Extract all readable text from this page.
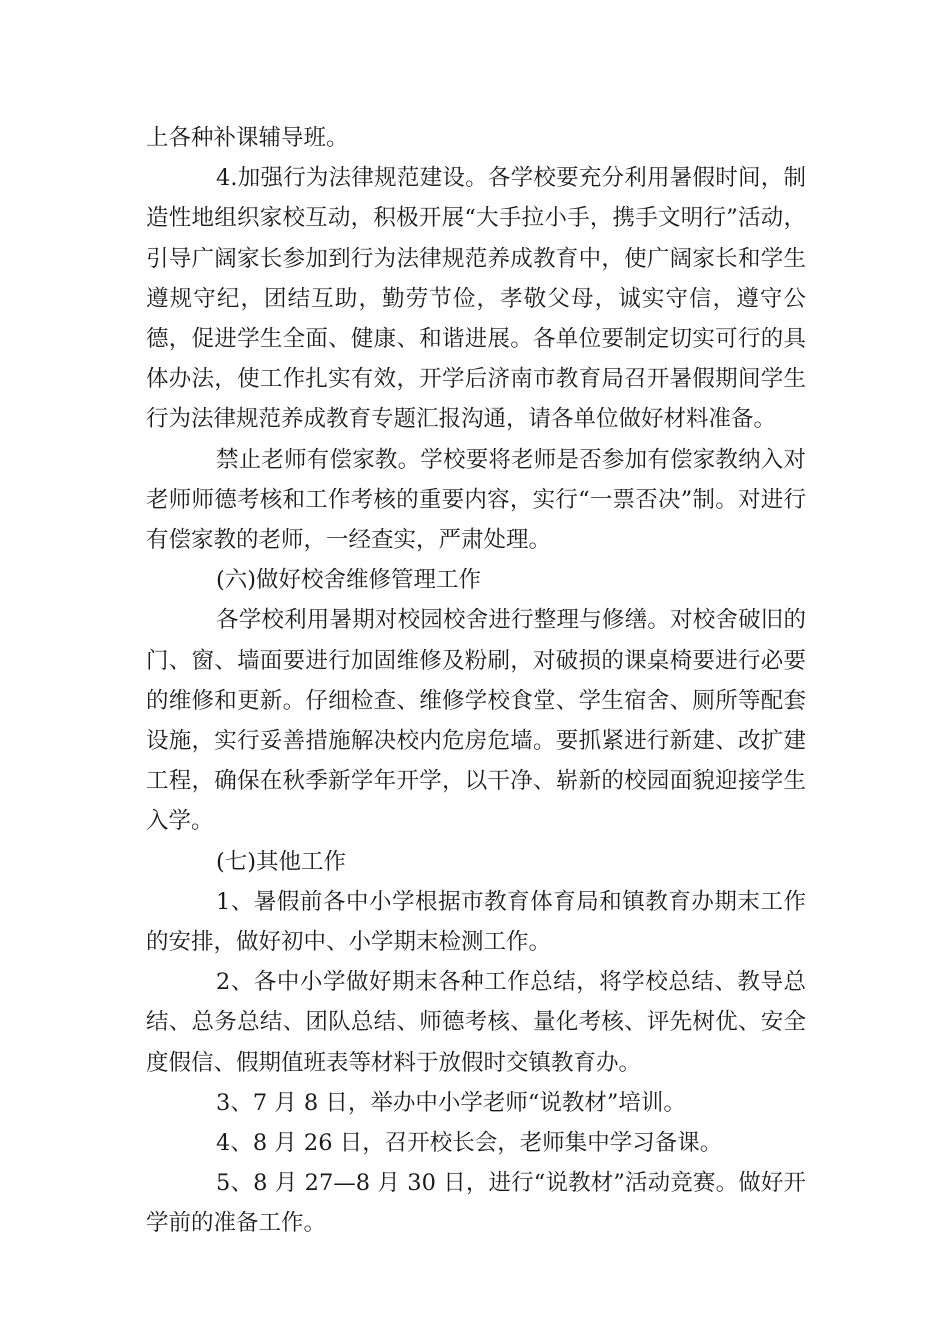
上各种补课辅导班。

4.加强行为法律规范建设。各学校要充分利用暑假时间，制造性地组织家校互动，积极开展“大手拉小手，携手文明行”活动，引导广阔家长参加到行为法律规范养成教育中，使广阔家长和学生遵规守纪，团结互助，勤劳节俭，孝敬父母，诚实守信，遵守公德，促进学生全面、健康、和谐进展。各单位要制定切实可行的具体办法，使工作扎实有效，开学后济南市教育局召开暑假期间学生行为法律规范养成教育专题汇报沟通，请各单位做好材料准备。

禁止老师有偿家教。学校要将老师是否参加有偿家教纳入对老师师德考核和工作考核的重要内容，实行“一票否决”制。对进行有偿家教的老师，一经查实，严肃处理。

(六)做好校舍维修管理工作

各学校利用暑期对校园校舍进行整理与修缮。对校舍破旧的门、窗、墙面要进行加固维修及粉刷，对破损的课桌椅要进行必要的维修和更新。仔细检查、维修学校食堂、学生宿舍、厕所等配套设施，实行妥善措施解决校内危房危墙。要抓紧进行新建、改扩建工程，确保在秋季新学年开学，以干净、崭新的校园面貌迎接学生入学。

(七)其他工作

1、暑假前各中小学根据市教育体育局和镇教育办期末工作的安排，做好初中、小学期末检测工作。

2、各中小学做好期末各种工作总结，将学校总结、教导总结、总务总结、团队总结、师德考核、量化考核、评先树优、安全度假信、假期值班表等材料于放假时交镇教育办。

3、7 月 8 日，举办中小学老师“说教材”培训。

4、8 月 26 日，召开校长会，老师集中学习备课。

5、8 月 27—8 月 30 日，进行“说教材”活动竞赛。做好开学前的准备工作。
